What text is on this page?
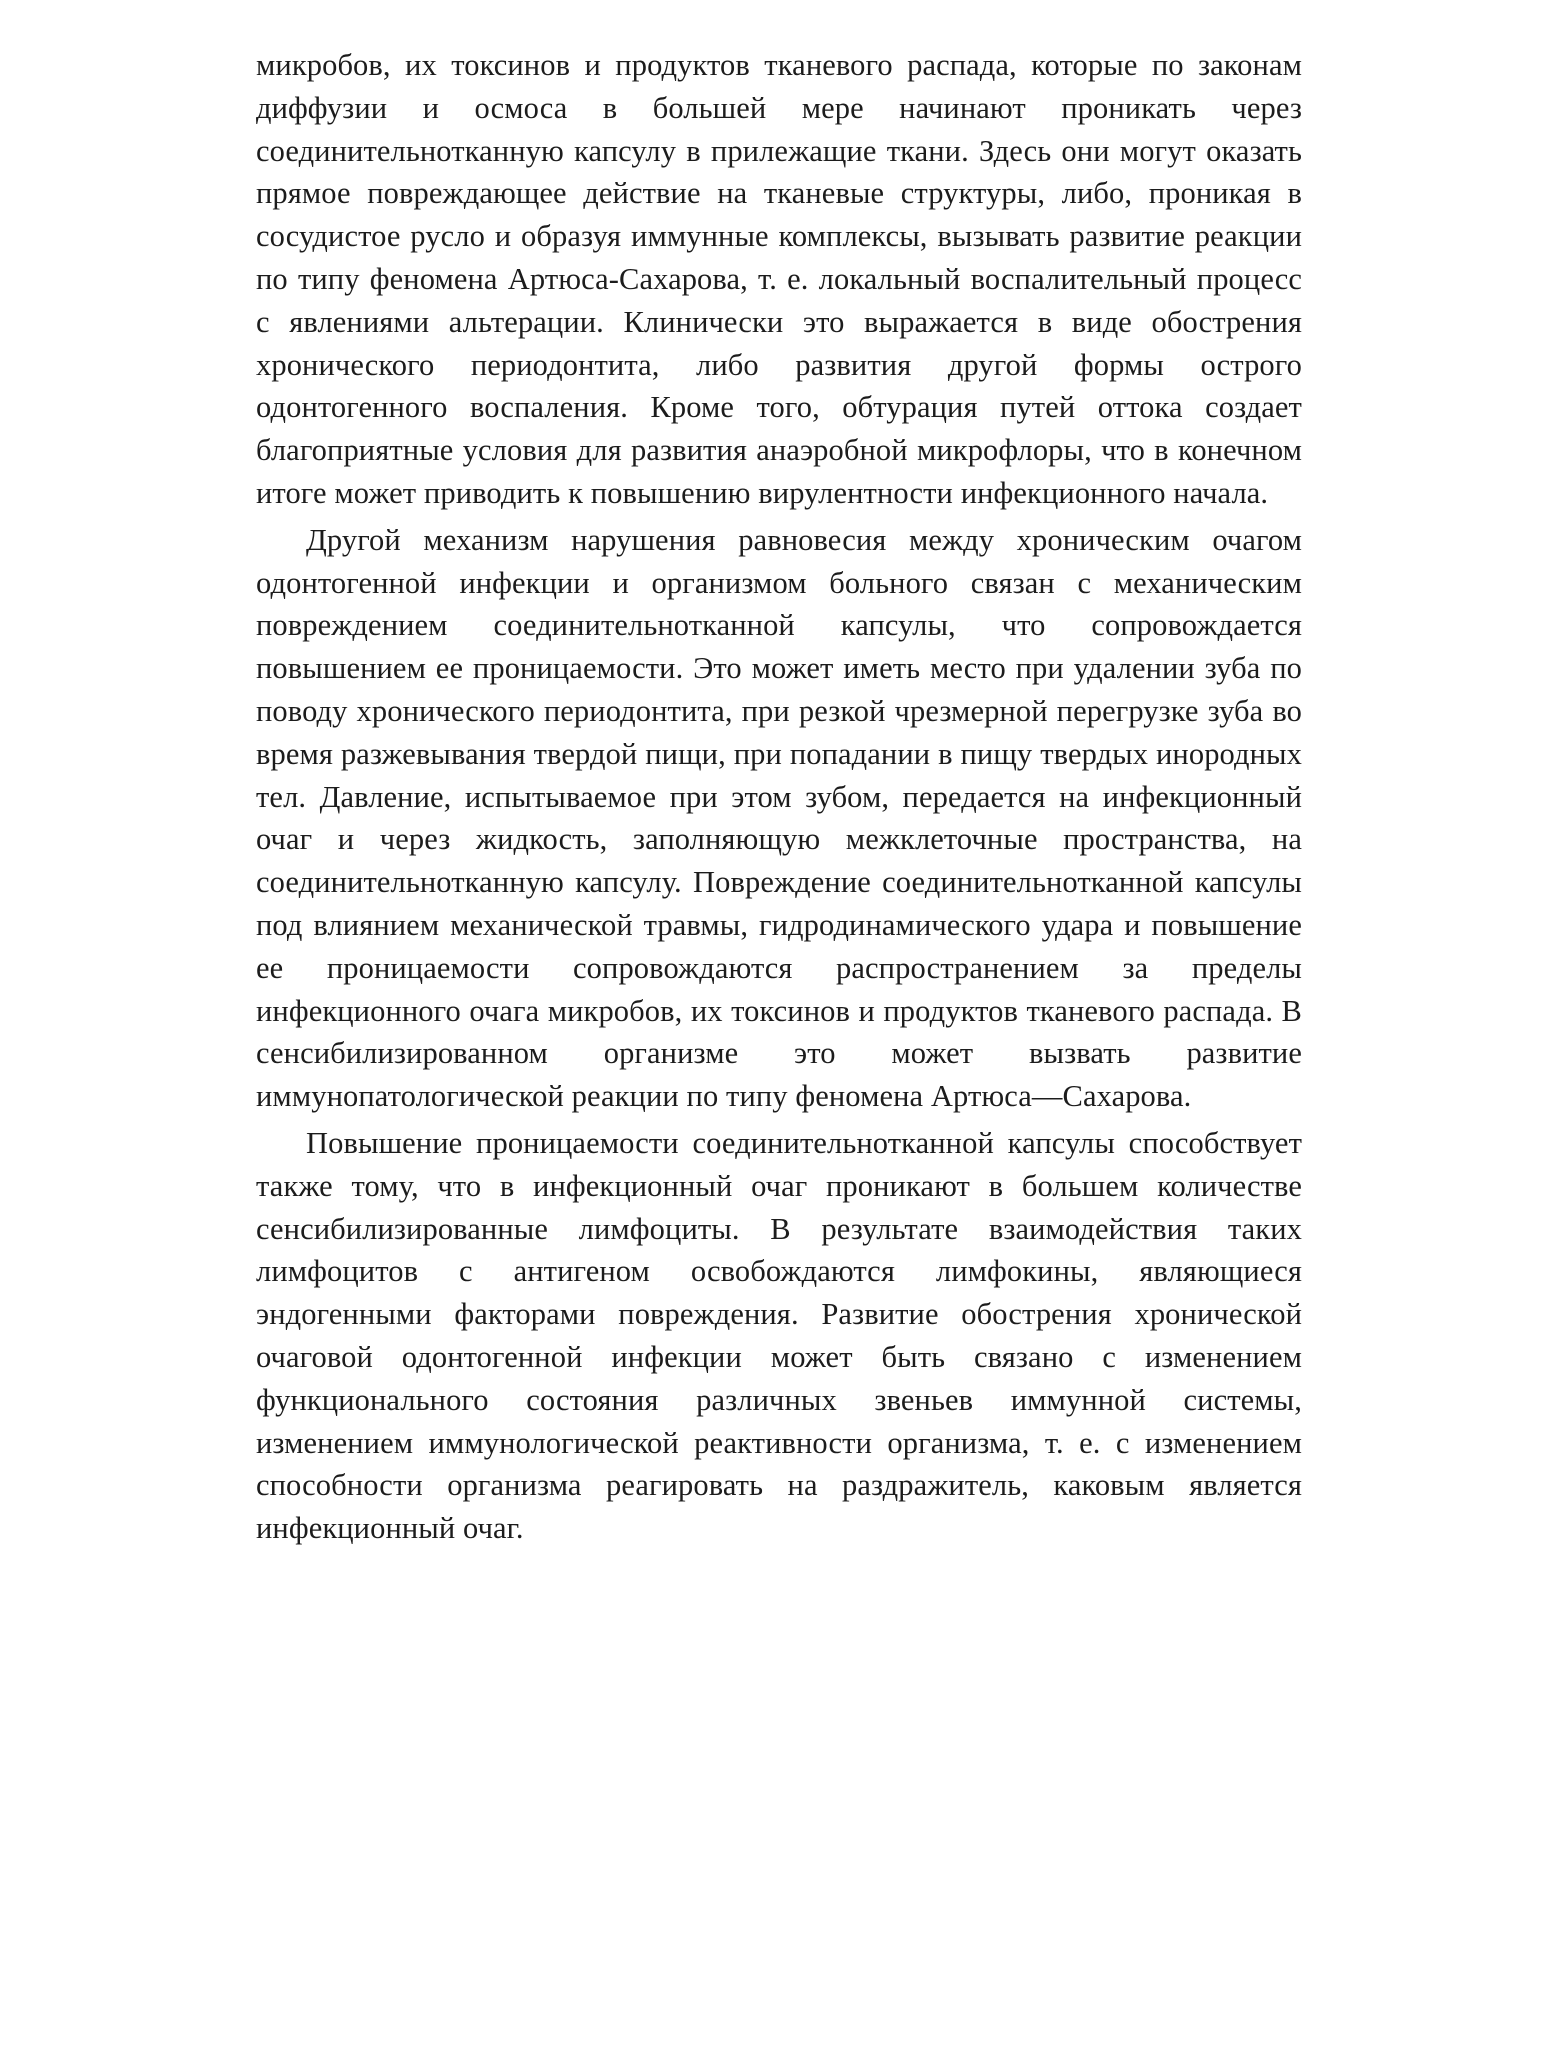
микробов, их токсинов и продуктов тканевого распада, которые по законам диффузии и осмоса в большей мере начинают проникать через соединительнотканную капсулу в прилежащие ткани. Здесь они могут оказать прямое повреждающее действие на тканевые структуры, либо, проникая в сосудистое русло и образуя иммунные комплексы, вызывать развитие реакции по типу феномена Артюса-Сахарова, т. е. локальный воспалительный процесс с явлениями альтерации. Клинически это выражается в виде обострения хронического периодонтита, либо развития другой формы острого одонтогенного воспаления. Кроме того, обтурация путей оттока создает благоприятные условия для развития анаэробной микрофлоры, что в конечном итоге может приводить к повышению вирулентности инфекционного начала.

Другой механизм нарушения равновесия между хроническим очагом одонтогенной инфекции и организмом больного связан с механическим повреждением соединительнотканной капсулы, что сопровождается повышением ее проницаемости. Это может иметь место при удалении зуба по поводу хронического периодонтита, при резкой чрезмерной перегрузке зуба во время разжевывания твердой пищи, при попадании в пищу твердых инородных тел. Давление, испытываемое при этом зубом, передается на инфекционный очаг и через жидкость, заполняющую межклеточные пространства, на соединительнотканную капсулу. Повреждение соединительнотканной капсулы под влиянием механической травмы, гидродинамического удара и повышение ее проницаемости сопровождаются распространением за пределы инфекционного очага микробов, их токсинов и продуктов тканевого распада. В сенсибилизированном организме это может вызвать развитие иммунопатологической реакции по типу феномена Артюса—Сахарова.

Повышение проницаемости соединительнотканной капсулы способствует также тому, что в инфекционный очаг проникают в большем количестве сенсибилизированные лимфоциты. В результате взаимодействия таких лимфоцитов с антигеном освобождаются лимфокины, являющиеся эндогенными факторами повреждения. Развитие обострения хронической очаговой одонтогенной инфекции может быть связано с изменением функционального состояния различных звеньев иммунной системы, изменением иммунологической реактивности организма, т. е. с изменением способности организма реагировать на раздражитель, каковым является инфекционный очаг.
